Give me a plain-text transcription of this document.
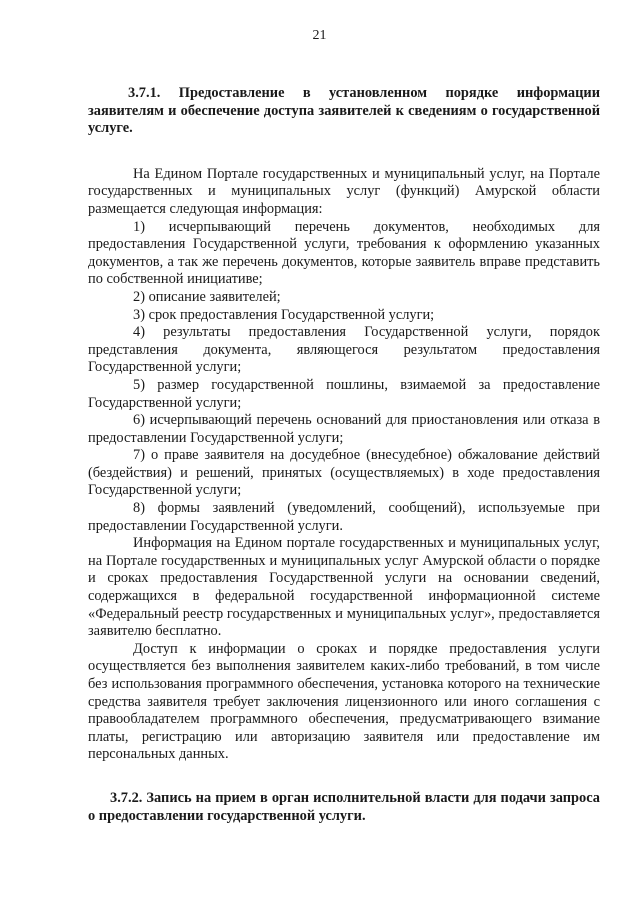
21

3.7.1. Предоставление в установленном порядке информации заявителям и обеспечение доступа заявителей к сведениям о государственной услуге.

На Едином Портале государственных и муниципальный услуг, на Портале государственных и муниципальных услуг (функций) Амурской области размещается следующая информация:

1) исчерпывающий перечень документов, необходимых для предоставления Государственной услуги, требования к оформлению указанных документов, а так же перечень документов, которые заявитель вправе представить по собственной инициативе;

2) описание заявителей;

3) срок предоставления Государственной услуги;

4) результаты предоставления Государственной услуги, порядок представления документа, являющегося результатом предоставления Государственной услуги;

5) размер государственной пошлины, взимаемой за предоставление Государственной услуги;

6) исчерпывающий перечень оснований для приостановления или отказа в предоставлении Государственной услуги;

7) о праве заявителя на досудебное (внесудебное) обжалование действий (бездействия) и решений, принятых (осуществляемых) в ходе предоставления Государственной услуги;

8) формы заявлений (уведомлений, сообщений), используемые при предоставлении Государственной услуги.

Информация на Едином портале государственных и муниципальных услуг, на Портале государственных и муниципальных услуг Амурской области о порядке и сроках предоставления Государственной услуги на основании сведений, содержащихся в федеральной государственной информационной системе «Федеральный реестр государственных и муниципальных услуг», предоставляется заявителю бесплатно.

Доступ к информации о сроках и порядке предоставления услуги осуществляется без выполнения заявителем каких-либо требований, в том числе без использования программного обеспечения, установка которого на технические средства заявителя требует заключения лицензионного или иного соглашения с правообладателем программного обеспечения, предусматривающего взимание платы, регистрацию или авторизацию заявителя или предоставление им персональных данных.

3.7.2. Запись на прием в орган исполнительной власти для подачи запроса о предоставлении государственной услуги.
